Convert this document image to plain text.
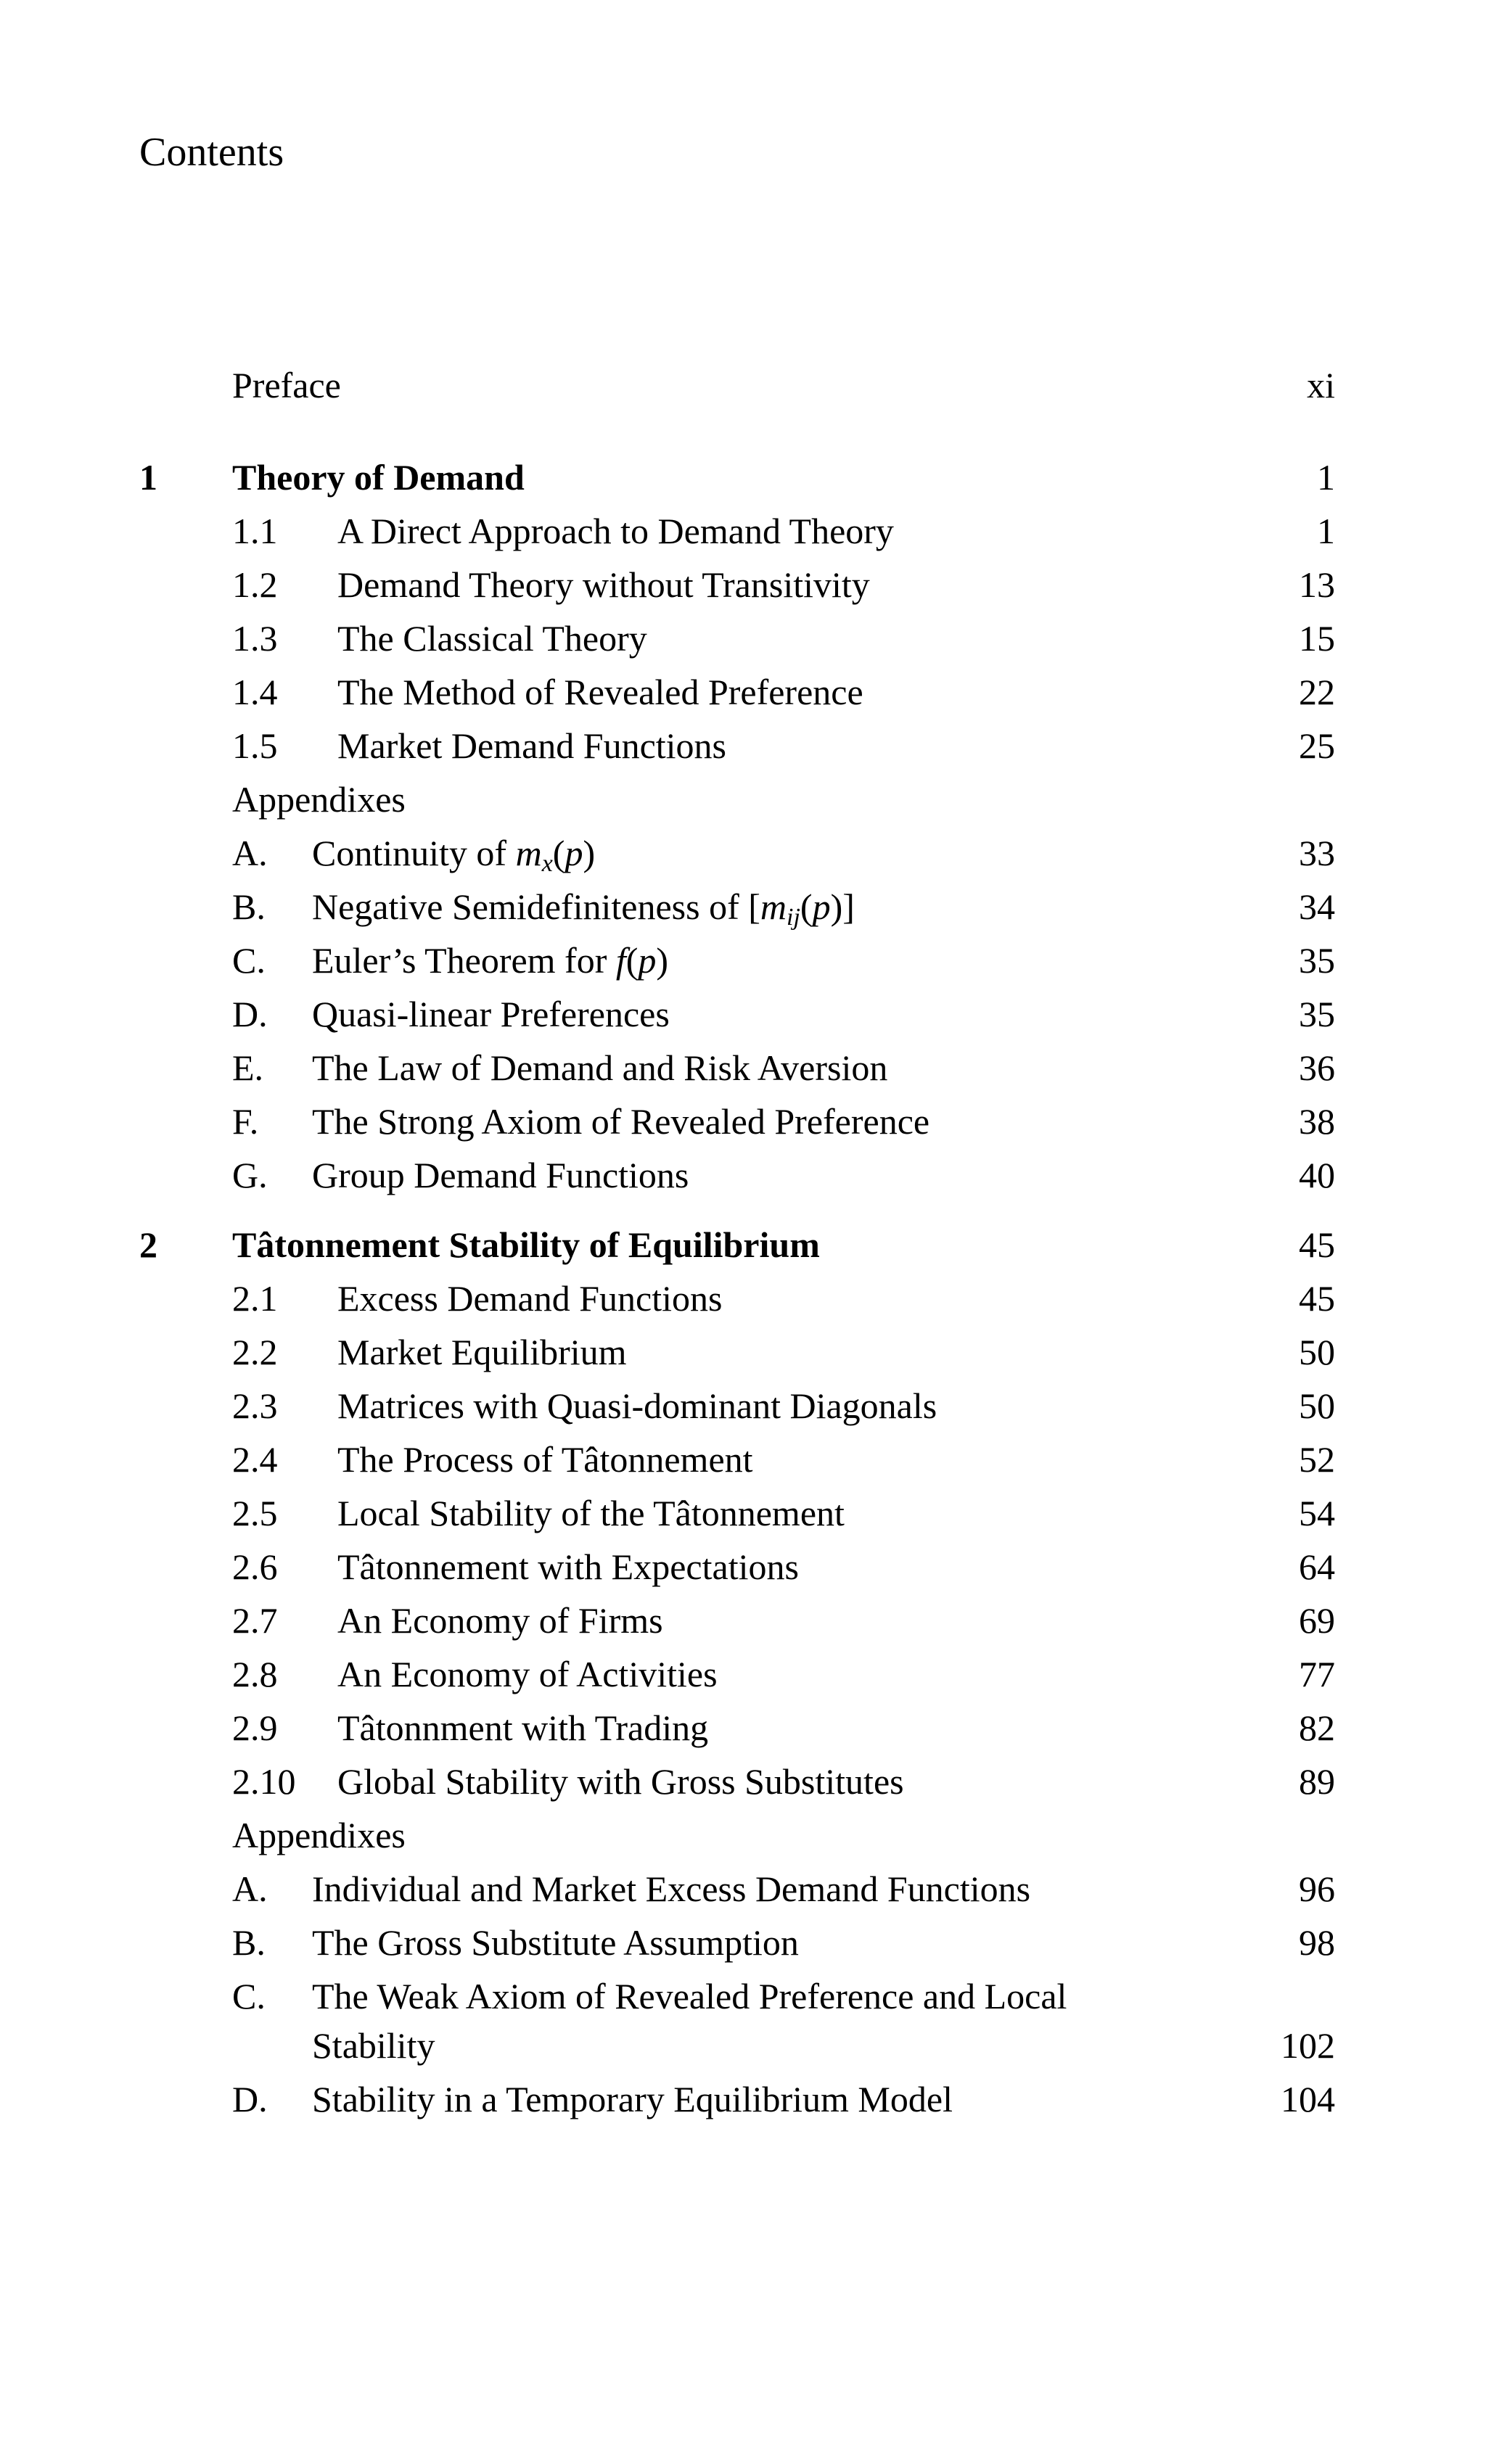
Contents
Preface	xi
1 Theory of Demand	1
1.1 A Direct Approach to Demand Theory	1
1.2 Demand Theory without Transitivity	13
1.3 The Classical Theory	15
1.4 The Method of Revealed Preference	22
1.5 Market Demand Functions	25
Appendixes
A. Continuity of $m_x(p)$	33
B. Negative Semidefiniteness of $[m_{ij}(p)]$	34
C. Euler’s Theorem for f(p)	35
D. Quasi-linear Preferences	35
E. The Law of Demand and Risk Aversion	36
F. The Strong Axiom of Revealed Preference	38
G. Group Demand Functions	40
2 Tâtonnement Stability of Equilibrium	45
2.1 Excess Demand Functions	45
2.2 Market Equilibrium	50
2.3 Matrices with Quasi-dominant Diagonals	50
2.4 The Process of Tâtonnement	52
2.5 Local Stability of the Tâtonnement	54
2.6 Tâtonnement with Expectations	64
2.7 An Economy of Firms	69
2.8 An Economy of Activities	77
2.9 Tâtonnment with Trading	82
2.10 Global Stability with Gross Substitutes	89
Appendixes
A. Individual and Market Excess Demand Functions	96
B. The Gross Substitute Assumption	98
C. The Weak Axiom of Revealed Preference and Local
Stability	102
D. Stability in a Temporary Equilibrium Model	104
